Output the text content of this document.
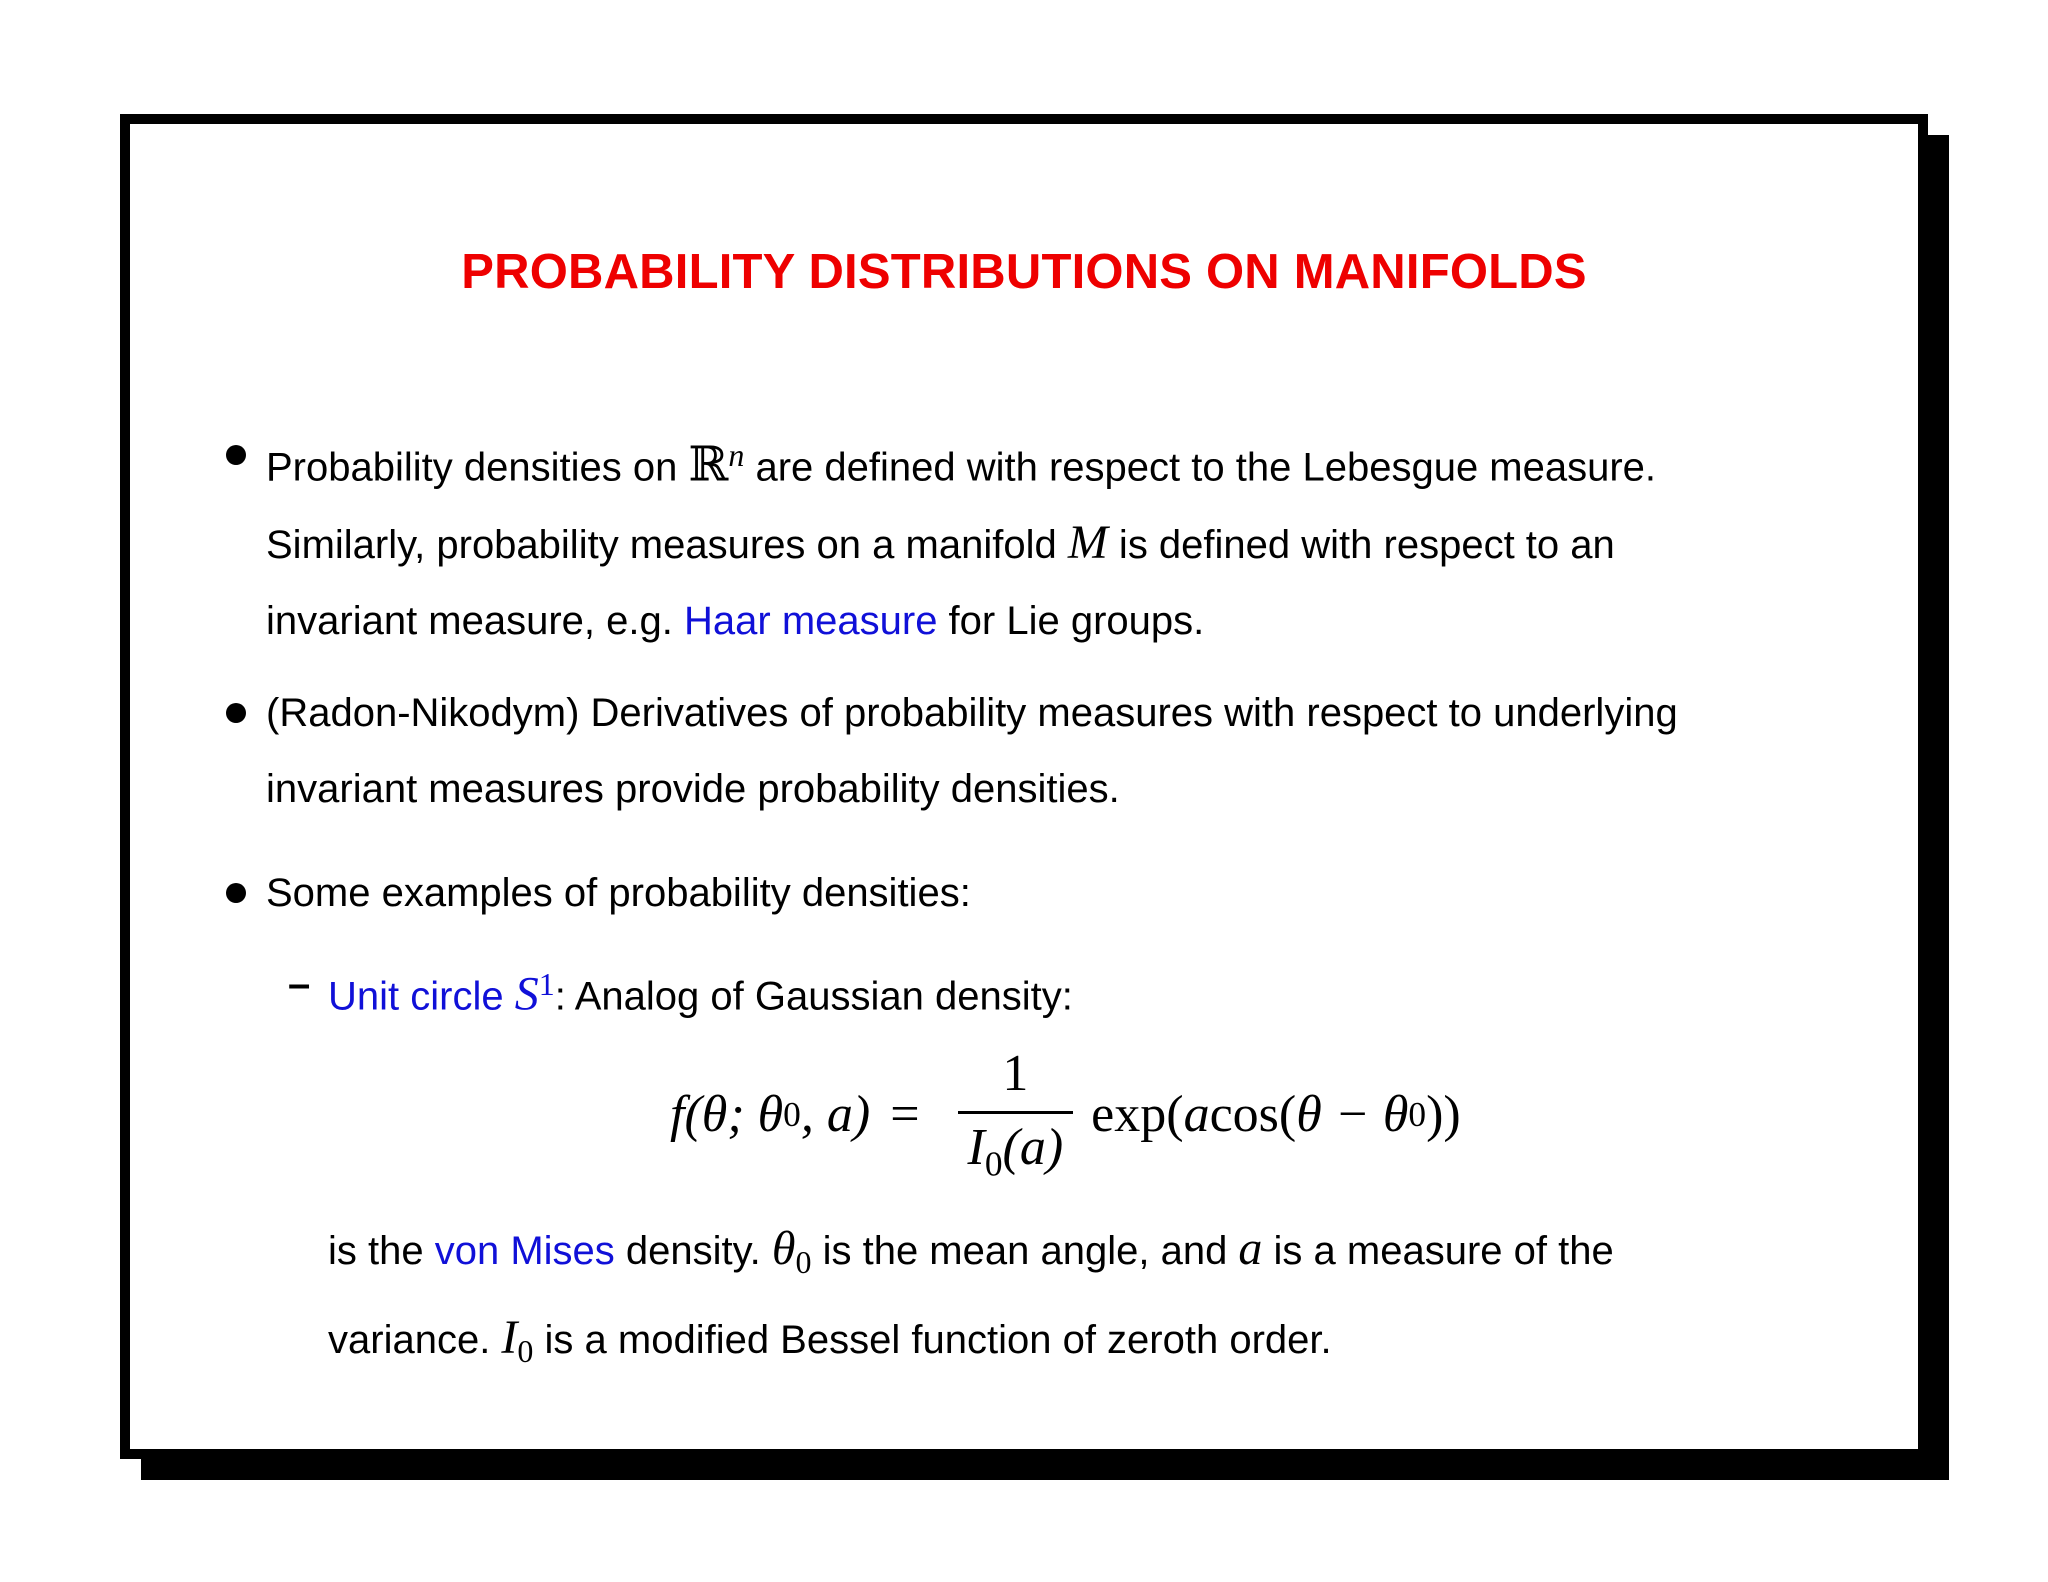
PROBABILITY DISTRIBUTIONS ON MANIFOLDS
Probability densities on ℝ$^n$ are defined with respect to the Lebesgue measure.
Similarly, probability measures on a manifold M is defined with respect to an
invariant measure, e.g. Haar measure for Lie groups.
(Radon-Nikodym) Derivatives of probability measures with respect to underlying
invariant measures provide probability densities.
Some examples of probability densities:
– Unit circle $S^1$: Analog of Gaussian density:
f (θ; θ 0 , $a) = \frac{1}{I_0(a)} \exp$( a cos( θ − θ 0 ))
is the von Mises density. $\theta_0$ is the mean angle, and a is a measure of the
variance. $I_0$ is a modified Bessel function of zeroth order.
